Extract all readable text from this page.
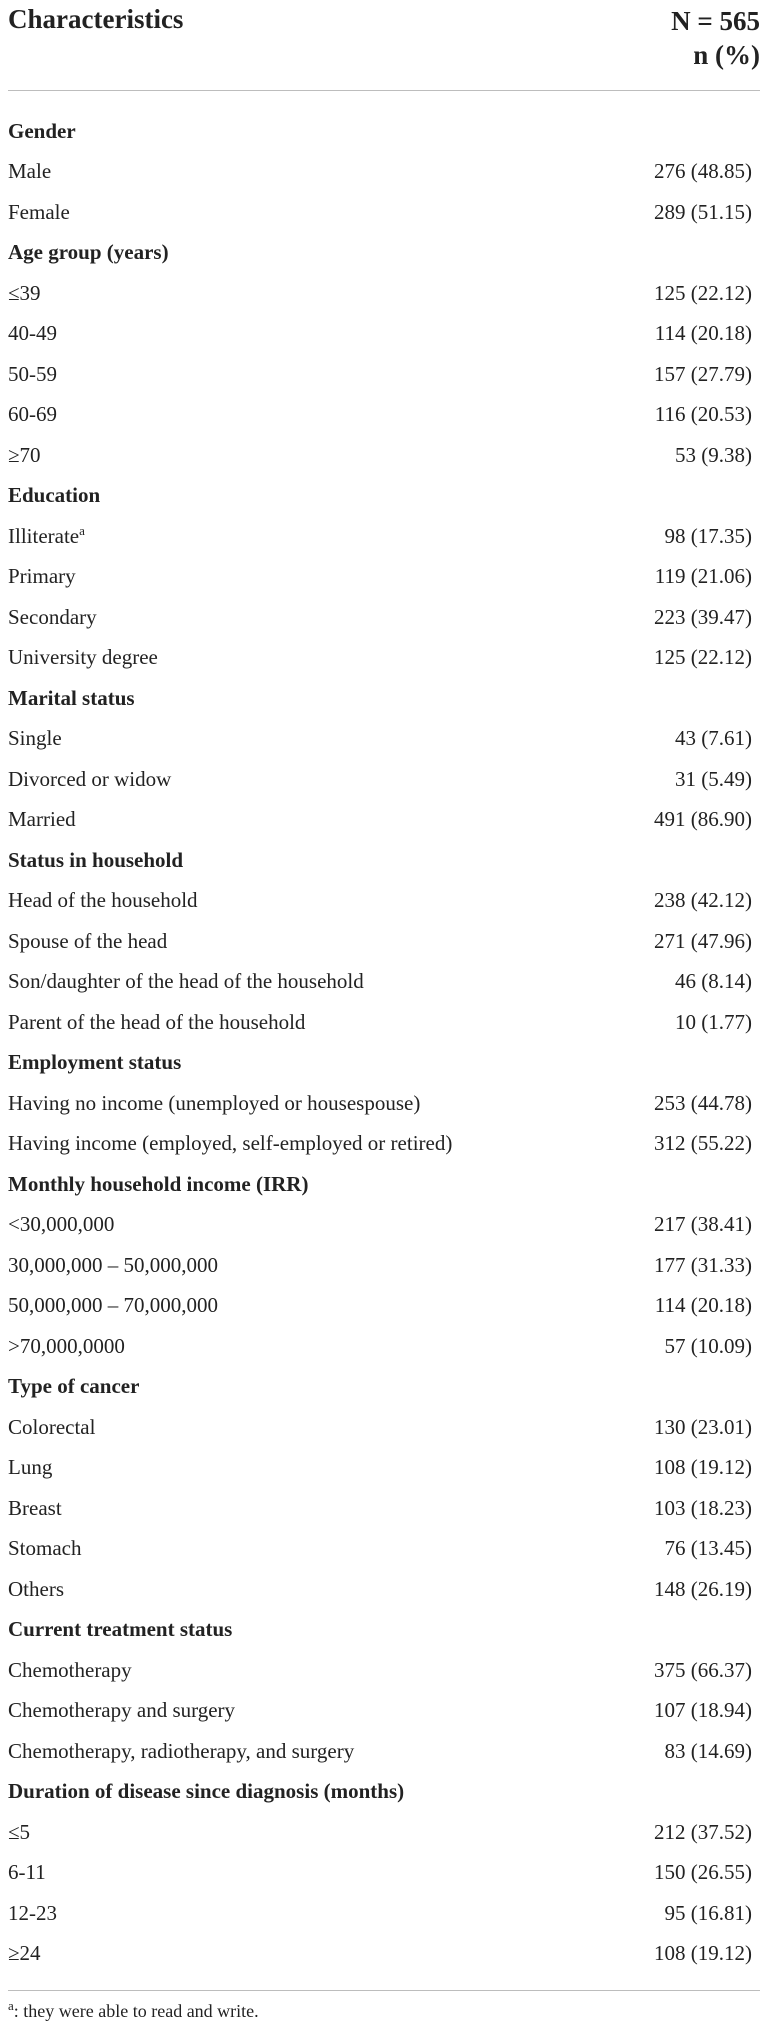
Characteristics	N = 565
n (%)
Gender
Male	276 (48.85)
Female	289 (51.15)
Age group (years)
≤39	125 (22.12)
40-49	114 (20.18)
50-59	157 (27.79)
60-69	116 (20.53)
≥70	53 (9.38)
Education
Illiterate$^a$	98 (17.35)
Primary	119 (21.06)
Secondary	223 (39.47)
University degree	125 (22.12)
Marital status
Single	43 (7.61)
Divorced or widow	31 (5.49)
Married	491 (86.90)
Status in household
Head of the household	238 (42.12)
Spouse of the head	271 (47.96)
Son/daughter of the head of the household	46 (8.14)
Parent of the head of the household	10 (1.77)
Employment status
Having no income (unemployed or housespouse)	253 (44.78)
Having income (employed, self-employed or retired)	312 (55.22)
Monthly household income (IRR)
<30,000,000	217 (38.41)
30,000,000 – 50,000,000	177 (31.33)
50,000,000 – 70,000,000	114 (20.18)
>70,000,0000	57 (10.09)
Type of cancer
Colorectal	130 (23.01)
Lung	108 (19.12)
Breast	103 (18.23)
Stomach	76 (13.45)
Others	148 (26.19)
Current treatment status
Chemotherapy	375 (66.37)
Chemotherapy and surgery	107 (18.94)
Chemotherapy, radiotherapy, and surgery	83 (14.69)
Duration of disease since diagnosis (months)
≤5	212 (37.52)
6-11	150 (26.55)
12-23	95 (16.81)
≥24	108 (19.12)
$^a$: they were able to read and write.
